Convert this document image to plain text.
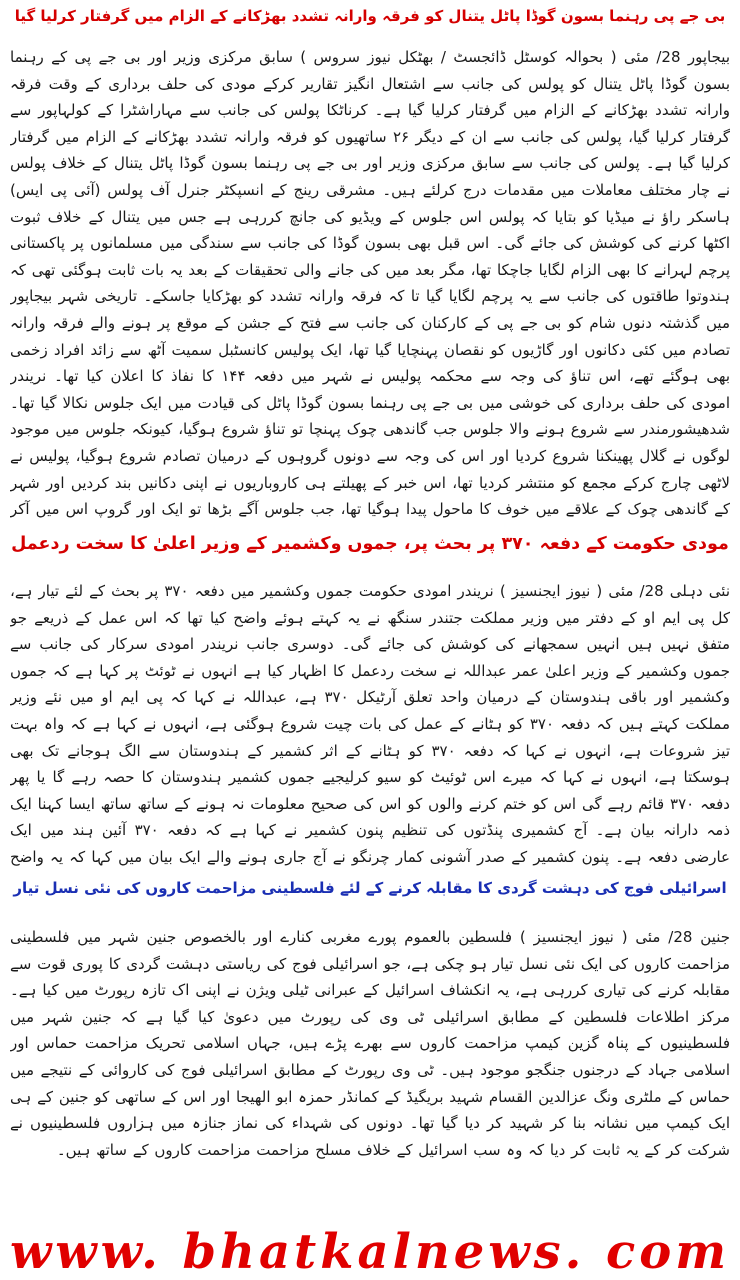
بی جے پی رہنما بسون گوڈا پاٹل یتنال کو فرقہ وارانہ تشدد بھڑکانے کے الزام میں گرفتار کرلیا گیا

بیجاپور 28/ مئی ( بحوالہ کوسٹل ڈائجسٹ / بھٹکل نیوز سروس ) سابق مرکزی وزیر اور بی جے پی کے رہنما بسون گوڈا پاٹل یتنال کو پولس کی جانب سے اشتعال انگیز تقاریر کرکے مودی کی حلف برداری کے وقت فرقہ وارانہ تشدد بھڑکانے کے الزام میں گرفتار کرلیا گیا ہے۔ کرناٹکا پولس کی جانب سے مہاراشٹرا کے کولہاپور سے گرفتار کرلیا گیا، پولس کی جانب سے ان کے دیگر ۲۶ ساتھیوں کو فرقہ وارانہ تشدد بھڑکانے کے الزام میں گرفتار کرلیا گیا ہے۔ پولس کی جانب سے سابق مرکزی وزیر اور بی جے پی رہنما بسون گوڈا پاٹل یتنال کے خلاف پولس نے چار مختلف معاملات میں مقدمات درج کرلئے ہیں۔ مشرقی رینج کے انسپکٹر جنرل آف پولس (آئی پی ایس) ہاسکر راؤ نے میڈیا کو بتایا کہ پولس اس جلوس کے ویڈیو کی جانچ کررہی ہے جس میں یتنال کے خلاف ثبوت اکٹھا کرنے کی کوشش کی جائے گی۔ اس قبل بھی بسون گوڈا کی جانب سے سندگی میں مسلمانوں پر پاکستانی پرچم لہرانے کا بھی الزام لگایا جاچکا تھا، مگر بعد میں کی جانے والی تحقیقات کے بعد یہ بات ثابت ہوگئی تھی کہ ہندوتوا طاقتوں کی جانب سے یہ پرچم لگایا گیا تا کہ فرقہ وارانہ تشدد کو بھڑکایا جاسکے۔ تاریخی شہر بیجاپور میں گذشتہ دنوں شام کو بی جے پی کے کارکنان کی جانب سے فتح کے جشن کے موقع پر ہونے والے فرقہ وارانہ تصادم میں کئی دکانوں اور گاڑیوں کو نقصان پہنچایا گیا تھا، ایک پولیس کانسٹبل سمیت آٹھ سے زائد افراد زخمی بھی ہوگئے تھے، اس تناؤ کی وجہ سے محکمہ پولیس نے شہر میں دفعہ ۱۴۴ کا نفاذ کا اعلان کیا تھا۔ نریندر امودی کی حلف برداری کی خوشی میں بی جے پی رہنما بسون گوڈا پاٹل کی قیادت میں ایک جلوس نکالا گیا تھا۔ شدھیشورمندر سے شروع ہونے والا جلوس جب گاندھی چوک پہنچا تو تناؤ شروع ہوگیا، کیونکہ جلوس میں موجود لوگوں نے گلال پھینکنا شروع کردیا اور اس کی وجہ سے دونوں گروہوں کے درمیان تصادم شروع ہوگیا، پولیس نے لاٹھی چارج کرکے مجمع کو منتشر کردیا تھا، اس خبر کے پھیلتے ہی کاروباریوں نے اپنی دکانیں بند کردیں اور شہر کے گاندھی چوک کے علاقے میں خوف کا ماحول پیدا ہوگیا تھا، جب جلوس آگے بڑھا تو ایک اور گروپ اس میں آکر

مودی حکومت کے دفعہ ۳۷۰ پر بحث پر، جموں وکشمیر کے وزیر اعلیٰ کا سخت ردعمل

نئی دہلی 28/ مئی ( نیوز ایجنسیز ) نریندر امودی حکومت جموں وکشمیر میں دفعہ ۳۷۰ پر بحث کے لئے تیار ہے، کل پی ایم او کے دفتر میں وزیر مملکت جتندر سنگھ نے یہ کہتے ہوئے واضح کیا تھا کہ اس عمل کے ذریعے جو متفق نہیں ہیں انہیں سمجھانے کی کوشش کی جائے گی۔ دوسری جانب نریندر امودی سرکار کی جانب سے جموں وکشمیر کے وزیر اعلیٰ عمر عبداللہ نے سخت ردعمل کا اظہار کیا ہے انہوں نے ٹوئٹ پر کہا ہے کہ جموں وکشمیر اور باقی ہندوستان کے درمیان واحد تعلق آرٹیکل ۳۷۰ ہے، عبداللہ نے کہا کہ پی ایم او میں نئے وزیر مملکت کہتے ہیں کہ دفعہ ۳۷۰ کو ہٹانے کے عمل کی بات چیت شروع ہوگئی ہے، انہوں نے کہا ہے کہ واہ بہت تیز شروعات ہے، انہوں نے کہا کہ دفعہ ۳۷۰ کو ہٹانے کے اثر کشمیر کے ہندوستان سے الگ ہوجانے تک بھی ہوسکتا ہے، انہوں نے کہا کہ میرے اس ٹوئیٹ کو سیو کرلیجیے جموں کشمیر ہندوستان کا حصہ رہے گا یا پھر دفعہ ۳۷۰ قائم رہے گی اس کو ختم کرنے والوں کو اس کی صحیح معلومات نہ ہونے کے ساتھ ساتھ ایسا کہنا ایک ذمہ دارانہ بیان ہے۔ آج کشمیری پنڈتوں کی تنظیم پنون کشمیر نے کہا ہے کہ دفعہ ۳۷۰ آئین ہند میں ایک عارضی دفعہ ہے۔ پنون کشمیر کے صدر آشونی کمار چرنگو نے آج جاری ہونے والے ایک بیان میں کہا کہ یہ واضح

اسرائیلی فوج کی دہشت گردی کا مقابلہ کرنے کے لئے فلسطینی مزاحمت کاروں کی نئی نسل تیار

جنین 28/ مئی ( نیوز ایجنسیز ) فلسطین بالعموم پورے مغربی کنارے اور بالخصوص جنین شہر میں فلسطینی مزاحمت کاروں کی ایک نئی نسل تیار ہو چکی ہے، جو اسرائیلی فوج کی ریاستی دہشت گردی کا پوری قوت سے مقابلہ کرنے کی تیاری کررہی ہے، یہ انکشاف اسرائیل کے عبرانی ٹیلی ویژن نے اپنی اک تازہ رپورٹ میں کیا ہے۔ مرکز اطلاعات فلسطین کے مطابق اسرائیلی ٹی وی کی رپورٹ میں دعویٰ کیا گیا ہے کہ جنین شہر میں فلسطینیوں کے پناہ گزین کیمپ مزاحمت کاروں سے بھرے پڑے ہیں، جہاں اسلامی تحریک مزاحمت حماس اور اسلامی جہاد کے درجنوں جنگجو موجود ہیں۔ ٹی وی رپورٹ کے مطابق اسرائیلی فوج کی کاروائی کے نتیجے میں حماس کے ملٹری ونگ عزالدین القسام شہید بریگیڈ کے کمانڈر حمزہ ابو الھیجا اور اس کے ساتھی کو جنین کے ہی ایک کیمپ میں نشانہ بنا کر شہید کر دیا گیا تھا۔ دونوں کی شہداء کی نماز جنازہ میں ہزاروں فلسطینیوں نے شرکت کر کے یہ ثابت کر دیا کہ وہ سب اسرائیل کے خلاف مسلح مزاحمت مزاحمت کاروں کے ساتھ ہیں۔

www. bhatkalnews. com
